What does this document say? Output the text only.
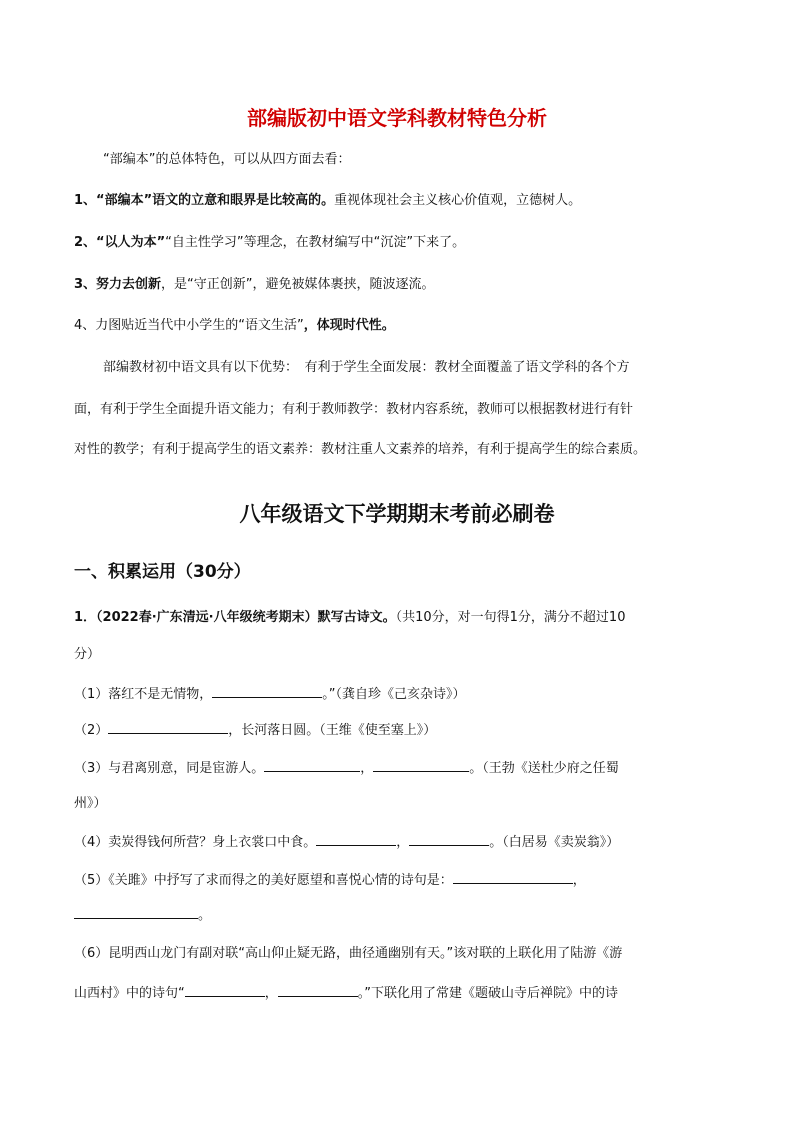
部编版初中语文学科教材特色分析
“部编本”的总体特色，可以从四方面去看：
1、“部编本”语文的立意和眼界是比较高的。重视体现社会主义核心价值观，立德树人。
2、“以人为本”“自主性学习”等理念，在教材编写中“沉淀”下来了。
3、努力去创新，是“守正创新”，避免被媒体裹挟，随波逐流。
4、力图贴近当代中小学生的“语文生活”，体现时代性。
部编教材初中语文具有以下优势：　有利于学生全面发展：教材全面覆盖了语文学科的各个方
面，有利于学生全面提升语文能力；有利于教师教学：教材内容系统，教师可以根据教材进行有针
对性的教学；有利于提高学生的语文素养：教材注重人文素养的培养，有利于提高学生的综合素质。
八年级语文下学期期末考前必刷卷
一、积累运用（30分）
1．（2022春·广东清远·八年级统考期末）默写古诗文。（共10分，对一句得1分，满分不超过10
分）
（1）落红不是无情物，	。”（龚自珍《己亥杂诗》）
（2）	，长河落日圆。（王维《使至塞上》）
（3）与君离别意，同是宦游人。	，	。（王勃《送杜少府之任蜀
州》）
（4）卖炭得钱何所营？身上衣裳口中食。	，	。（白居易《卖炭翁》）
（5）《关雎》中抒写了求而得之的美好愿望和喜悦心情的诗句是：	，
。
（6）昆明西山龙门有副对联“高山仰止疑无路，曲径通幽别有天。”该对联的上联化用了陆游《游
山西村》中的诗句“	，	。”下联化用了常建《题破山寺后禅院》中的诗
